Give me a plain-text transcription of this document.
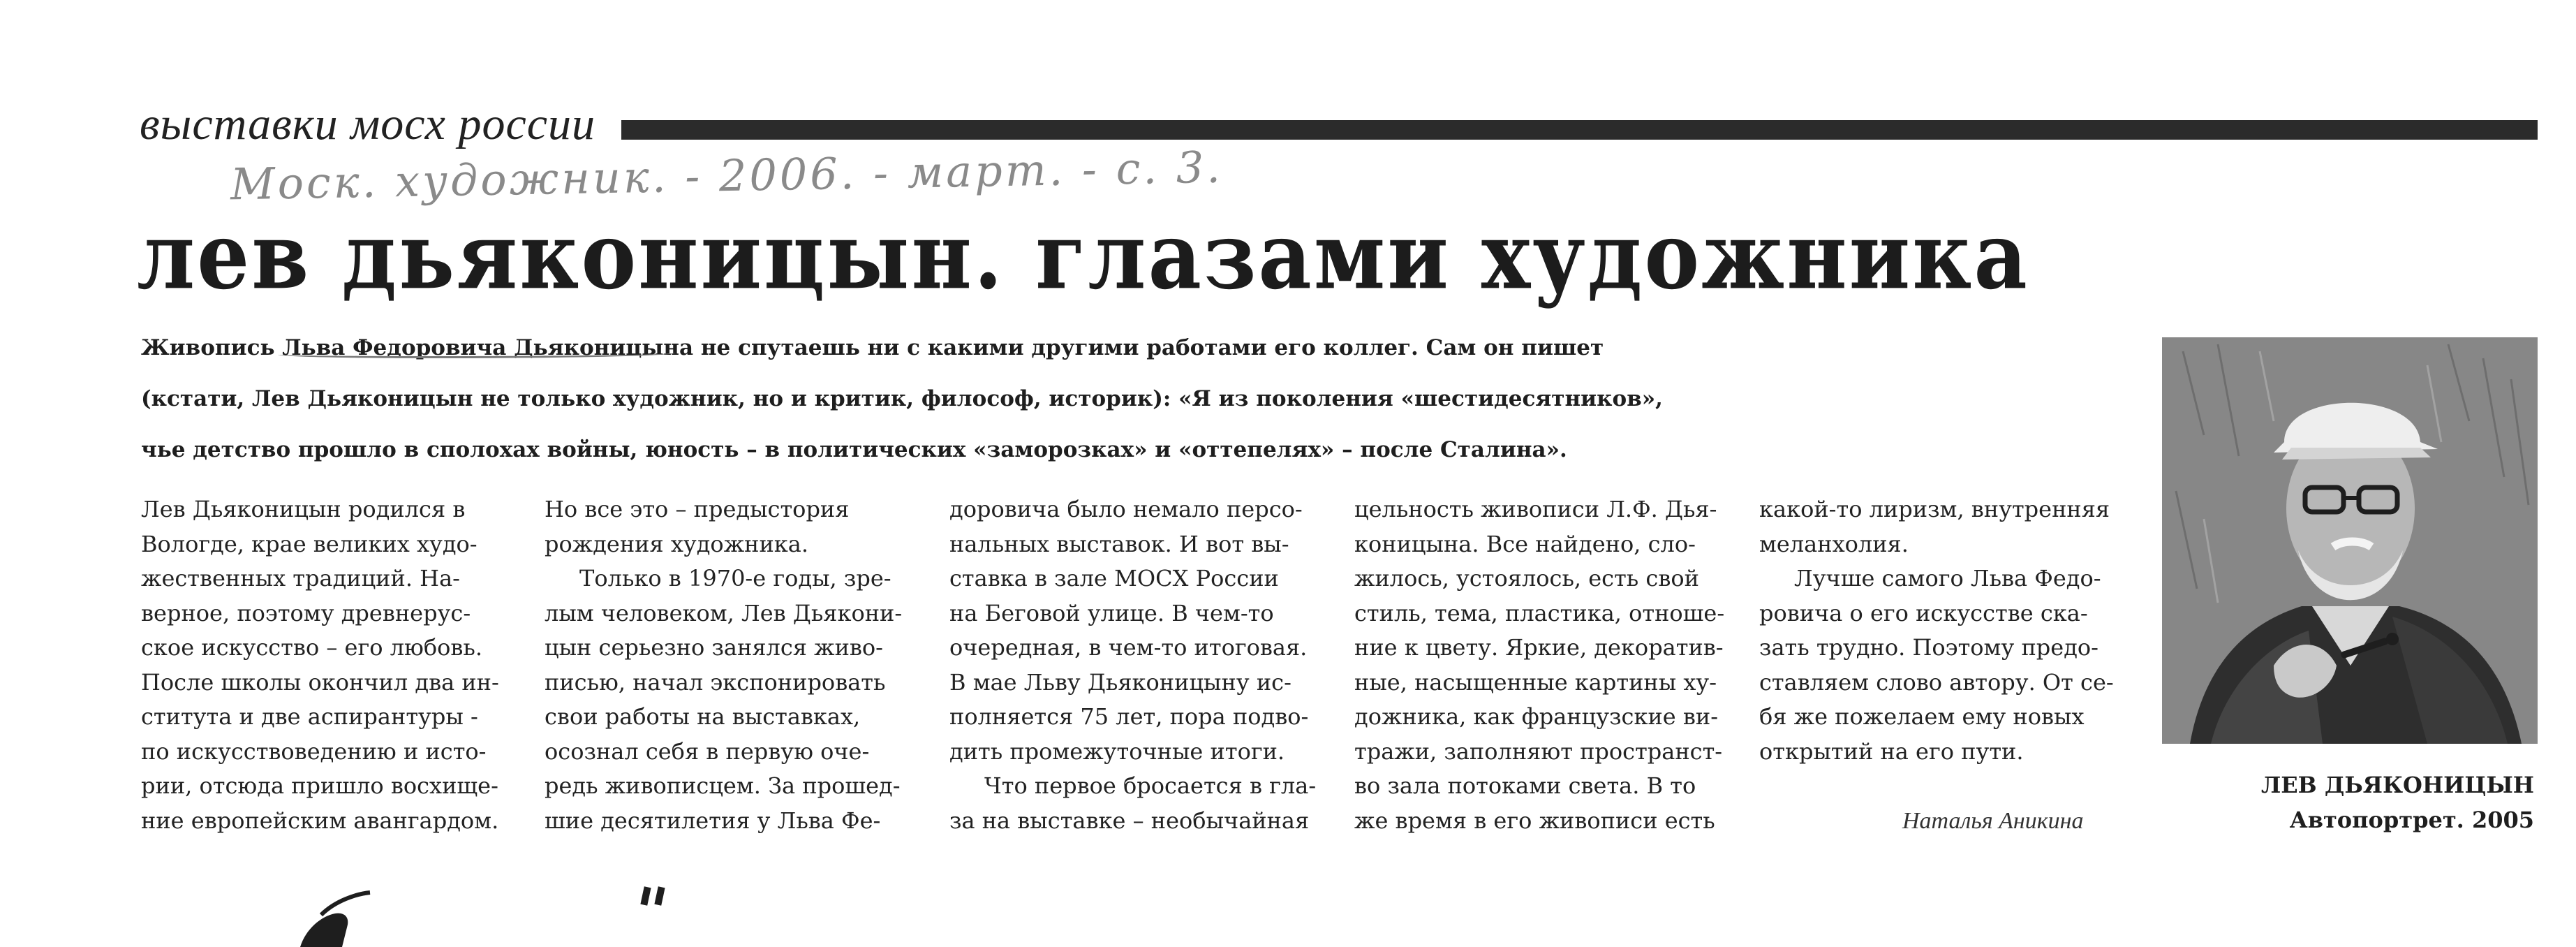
выставки мосх россии
Моск. художник. - 2006. - март. - с. 3.
лев дьяконицын. глазами художника

Живопись Льва Федоровича Дьяконицына не спутаешь ни с какими другими работами его коллег. Сам он пишет

(кстати, Лев Дьяконицын не только художник, но и критик, философ, историк): «Я из поколения «шестидесятников»,

чье детство прошло в сполохах войны, юность – в политических «заморозках» и «оттепелях» – после Сталина».

Лев Дьяконицын родился в

Вологде, крае великих худо-

жественных традиций. На-

верное, поэтому древнерус-

ское искусство – его любовь.

После школы окончил два ин-

ститута и две аспирантуры -

по искусствоведению и исто-

рии, отсюда пришло восхище-

ние европейским авангардом.

Но все это – предыстория

рождения художника.

Только в 1970-е годы, зре-

лым человеком, Лев Дьякони-

цын серьезно занялся живо-

писью, начал экспонировать

свои работы на выставках,

осознал себя в первую оче-

редь живописцем. За прошед-

шие десятилетия у Льва Фе-

доровича было немало персо-

нальных выставок. И вот вы-

ставка в зале МОСХ России

на Беговой улице. В чем-то

очередная, в чем-то итоговая.

В мае Льву Дьяконицыну ис-

полняется 75 лет, пора подво-

дить промежуточные итоги.

Что первое бросается в гла-

за на выставке – необычайная

цельность живописи Л.Ф. Дья-

коницына. Все найдено, сло-

жилось, устоялось, есть свой

стиль, тема, пластика, отноше-

ние к цвету. Яркие, декоратив-

ные, насыщенные картины ху-

дожника, как французские ви-

тражи, заполняют пространст-

во зала потоками света. В то

же время в его живописи есть

какой-то лиризм, внутренняя

меланхолия.

Лучше самого Льва Федо-

ровича о его искусстве ска-

зать трудно. Поэтому предо-

ставляем слово автору. От се-

бя же пожелаем ему новых

открытий на его пути.

Наталья Аникина
ЛЕВ ДЬЯКОНИЦЫН
Автопортрет. 2005
